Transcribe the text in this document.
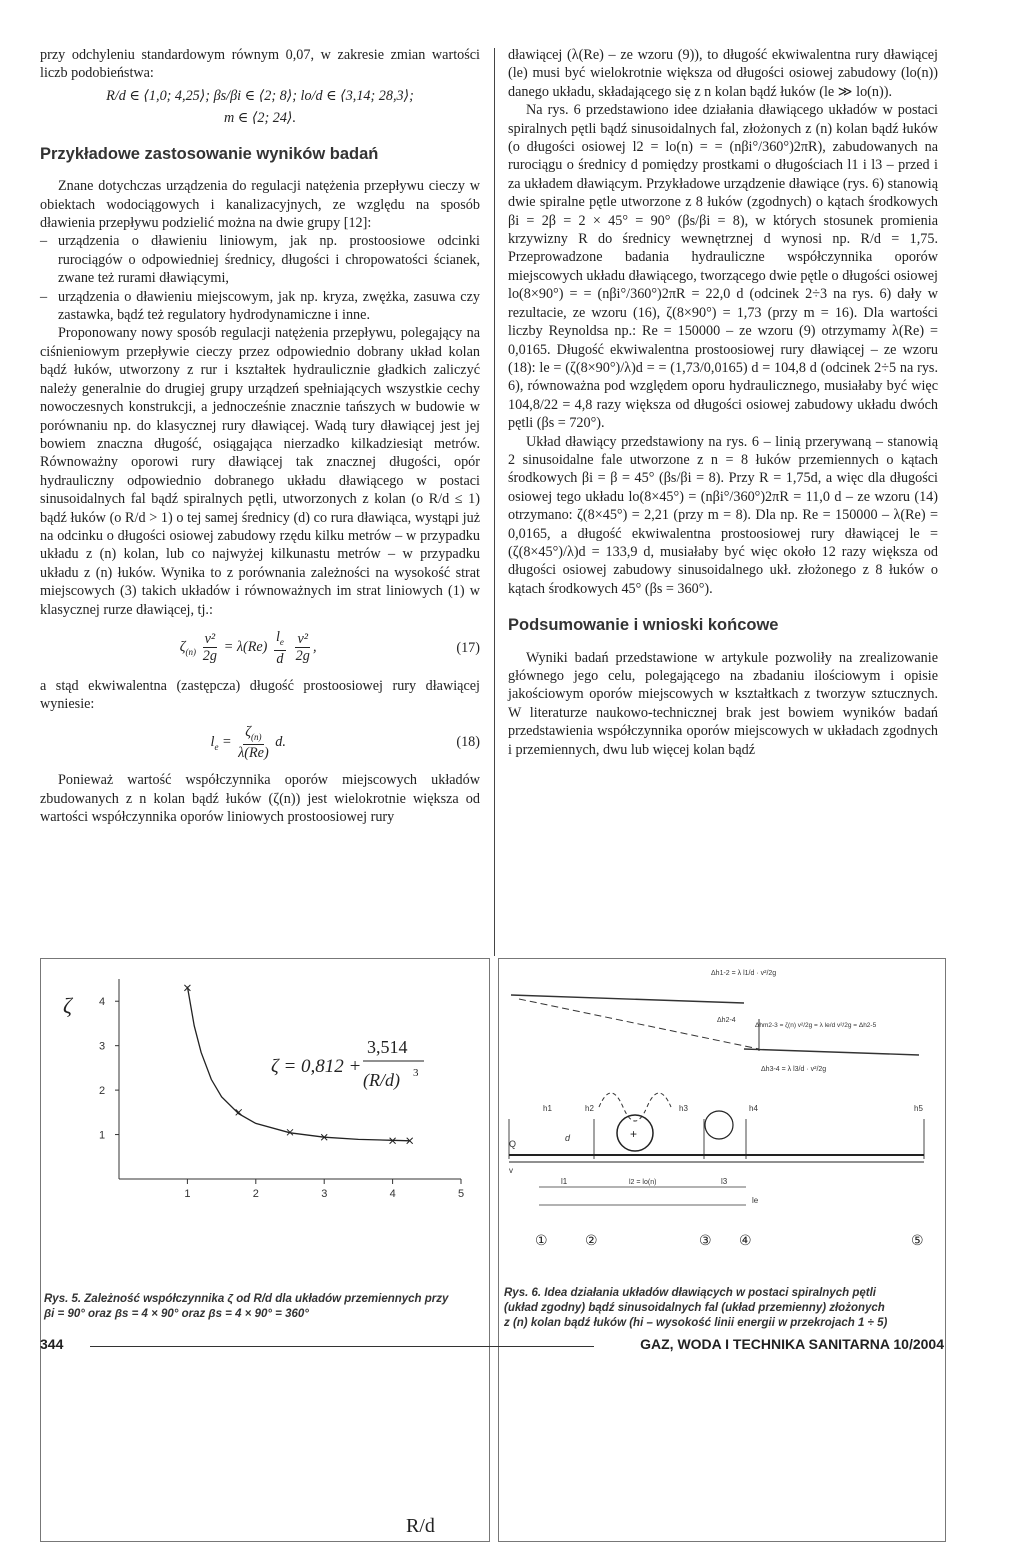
przy odchyleniu standardowym równym 0,07, w zakresie zmian wartości liczb podobieństwa:

R/d ∈ ⟨1,0; 4,25⟩; βs/βi ∈ ⟨2; 8⟩; lo/d ∈ ⟨3,14; 28,3⟩;

m ∈ ⟨2; 24⟩.

Przykładowe zastosowanie wyników badań

Znane dotychczas urządzenia do regulacji natężenia przepływu cieczy w obiektach wodociągowych i kanalizacyjnych, ze względu na sposób dławienia przepływu podzielić można na dwie grupy [12]:

– urządzenia o dławieniu liniowym, jak np. prostoosiowe odcinki rurociągów o odpowiedniej średnicy, długości i chropowatości ścianek, zwane też rurami dławiącymi,
– urządzenia o dławieniu miejscowym, jak np. kryza, zwężka, zasuwa czy zastawka, bądź też regulatory hydrodynamiczne i inne.

Proponowany nowy sposób regulacji natężenia przepływu, polegający na ciśnieniowym przepływie cieczy przez odpowiednio dobrany układ kolan bądź łuków, utworzony z rur i kształtek hydraulicznie gładkich zaliczyć należy generalnie do drugiej grupy urządzeń spełniających wszystkie cechy nowoczesnych konstrukcji, a jednocześnie znacznie tańszych w budowie w porównaniu np. do klasycznej rury dławiącej. Wadą tury dławiącej jest jej bowiem znaczna długość, osiągająca nierzadko kilkadziesiąt metrów. Równoważny oporowi rury dławiącej tak znacznej długości, opór hydrauliczny odpowiednio dobranego układu dławiącego w postaci sinusoidalnych fal bądź spiralnych pętli, utworzonych z kolan (o R/d ≤ 1) bądź łuków (o R/d > 1) o tej samej średnicy (d) co rura dławiąca, wystąpi już na odcinku o długości osiowej zabudowy rzędu kilku metrów – w przypadku układu z (n) kolan, lub co najwyżej kilkunastu metrów – w przypadku układu z (n) łuków. Wynika to z porównania zależności na wysokość strat miejscowych (3) takich układów i równoważnych im strat liniowych (1) w klasycznej rurze dławiącej, tj.:

$\zeta_{(n)} \frac{\text{v²}}{2g} = \lambda(Re) \frac{l_e}{d}$
$\frac{\text{v²}}{2g}$ ,	(17)

a stąd ekwiwalentna (zastępcza) długość prostoosiowej rury dławiącej wyniesie:

$l_e = \frac{\zeta_{(n)}}{\lambda(Re)} d$.	(18)

Ponieważ wartość współczynnika oporów miejscowych układów zbudowanych z n kolan bądź łuków (ζ(n)) jest wielokrotnie większa od wartości współczynnika oporów liniowych prostoosiowej rury

dławiącej (λ(Re) – ze wzoru (9)), to długość ekwiwalentna rury dławiącej (le) musi być wielokrotnie większa od długości osiowej zabudowy (lo(n)) danego układu, składającego się z n kolan bądź łuków (le ≫ lo(n)).

Na rys. 6 przedstawiono idee działania dławiącego układów w postaci spiralnych pętli bądź sinusoidalnych fal, złożonych z (n) kolan bądź łuków (o długości osiowej l2 = lo(n) = = (nβi°/360°)2πR), zabudowanych na rurociągu o średnicy d pomiędzy prostkami o długościach l1 i l3 – przed i za układem dławiącym. Przykładowe urządzenie dławiące (rys. 6) stanowią dwie spiralne pętle utworzone z 8 łuków (zgodnych) o kątach środkowych βi = 2β = 2 × 45° = 90° (βs/βi = 8), w których stosunek promienia krzywizny R do średnicy wewnętrznej d wynosi np. R/d = 1,75. Przeprowadzone badania hydrauliczne współczynnika oporów miejscowych układu dławiącego, tworzącego dwie pętle o długości osiowej lo(8×90°) = = (nβi°/360°)2πR = 22,0 d (odcinek 2÷3 na rys. 6) dały w rezultacie, ze wzoru (16), ζ(8×90°) = 1,73 (przy m = 16). Dla wartości liczby Reynoldsa np.: Re = 150000 – ze wzoru (9) otrzymamy λ(Re) = 0,0165. Długość ekwiwalentna prostoosiowej rury dławiącej – ze wzoru (18): le = (ζ(8×90°)/λ)d = = (1,73/0,0165) d = 104,8 d (odcinek 2÷5 na rys. 6), równoważna pod względem oporu hydraulicznego, musiałaby być więc 104,8/22 = 4,8 razy większa od długości osiowej zabudowy układu dwóch pętli (βs = 720°).

Układ dławiący przedstawiony na rys. 6 – linią przerywaną – stanowią 2 sinusoidalne fale utworzone z n = 8 łuków przemiennych o kątach środkowych βi = β = 45° (βs/βi = 8). Przy R = 1,75d, a więc dla długości osiowej tego układu lo(8×45°) = (nβi°/360°)2πR = 11,0 d – ze wzoru (14) otrzymano: ζ(8×45°) = 2,21 (przy m = 8). Dla np. Re = 150000 – λ(Re) = 0,0165, a długość ekwiwalentna prostoosiowej rury dławiącej le = (ζ(8×45°)/λ)d = 133,9 d, musiałaby być więc około 12 razy większa od długości osiowej zabudowy sinusoidalnego ukł. złożonego z 8 łuków o kątach środkowych 45° (βs = 360°).

Podsumowanie i wnioski końcowe

Wyniki badań przedstawione w artykule pozwoliły na zrealizowanie głównego jego celu, polegającego na zbadaniu ilościowym i opisie jakościowym oporów miejscowych w kształtkach z tworzyw sztucznych. W literaturze naukowo-technicznej brak jest bowiem wyników badań przedstawienia współczynnika oporów miejscowych w układach zgodnych i przemiennych, dwu lub więcej kolan bądź

ζ
R/d
ζ = 0,812 +
3,514
(R/d) 3
1	2	3	4	5
1
2
3
4
Δh1-2 = λ l1/d · v²/2g
Δh2-4
Δhm2-3 = ζ(n) v²/2g = λ le/d v²/2g = Δh2-5
Δh3-4 = λ l3/d · v²/2g
+
h1	h2	h3	h4	h5
Q
v
d
l1	l2 = lo(n)	l3
le
①	②	③ ④	⑤
Rys. 5. Zależność współczynnika ζ od R/d dla układów przemiennych przy
βi = 90° oraz βs = 4 × 90° oraz βs = 4 × 90° = 360°
Rys. 6. Idea działania układów dławiących w postaci spiralnych pętli
(układ zgodny) bądź sinusoidalnych fal (układ przemienny) złożonych
z (n) kolan bądź łuków (hi – wysokość linii energii w przekrojach 1 ÷ 5)
344	GAZ, WODA I TECHNIKA SANITARNA 10/2004
